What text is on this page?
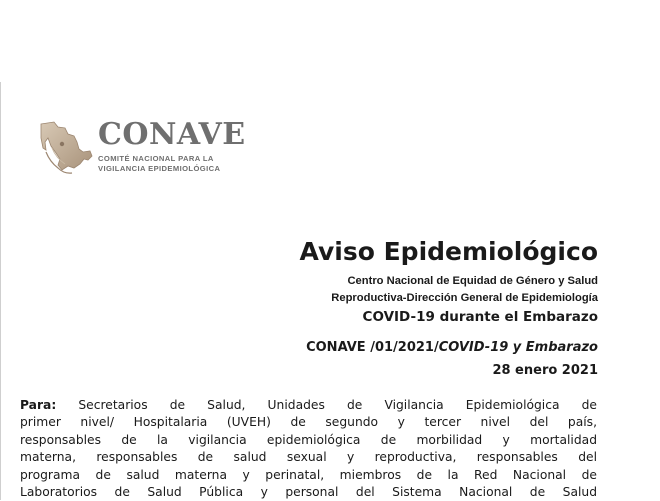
CONAVE
COMITÉ NACIONAL PARA LA
VIGILANCIA EPIDEMIOLÓGICA
Aviso Epidemiológico
Centro Nacional de Equidad de Género y Salud
Reproductiva-Dirección General de Epidemiología
COVID-19 durante el Embarazo
CONAVE /01/2021/COVID-19 y Embarazo
28 enero 2021
Para: Secretarios de Salud, Unidades de Vigilancia Epidemiológica de
primer nivel/ Hospitalaria (UVEH) de segundo y tercer nivel del país,
responsables de la vigilancia epidemiológica de morbilidad y mortalidad
materna, responsables de salud sexual y reproductiva, responsables del
programa de salud materna y perinatal, miembros de la Red Nacional de
Laboratorios de Salud Pública y personal del Sistema Nacional de Salud
